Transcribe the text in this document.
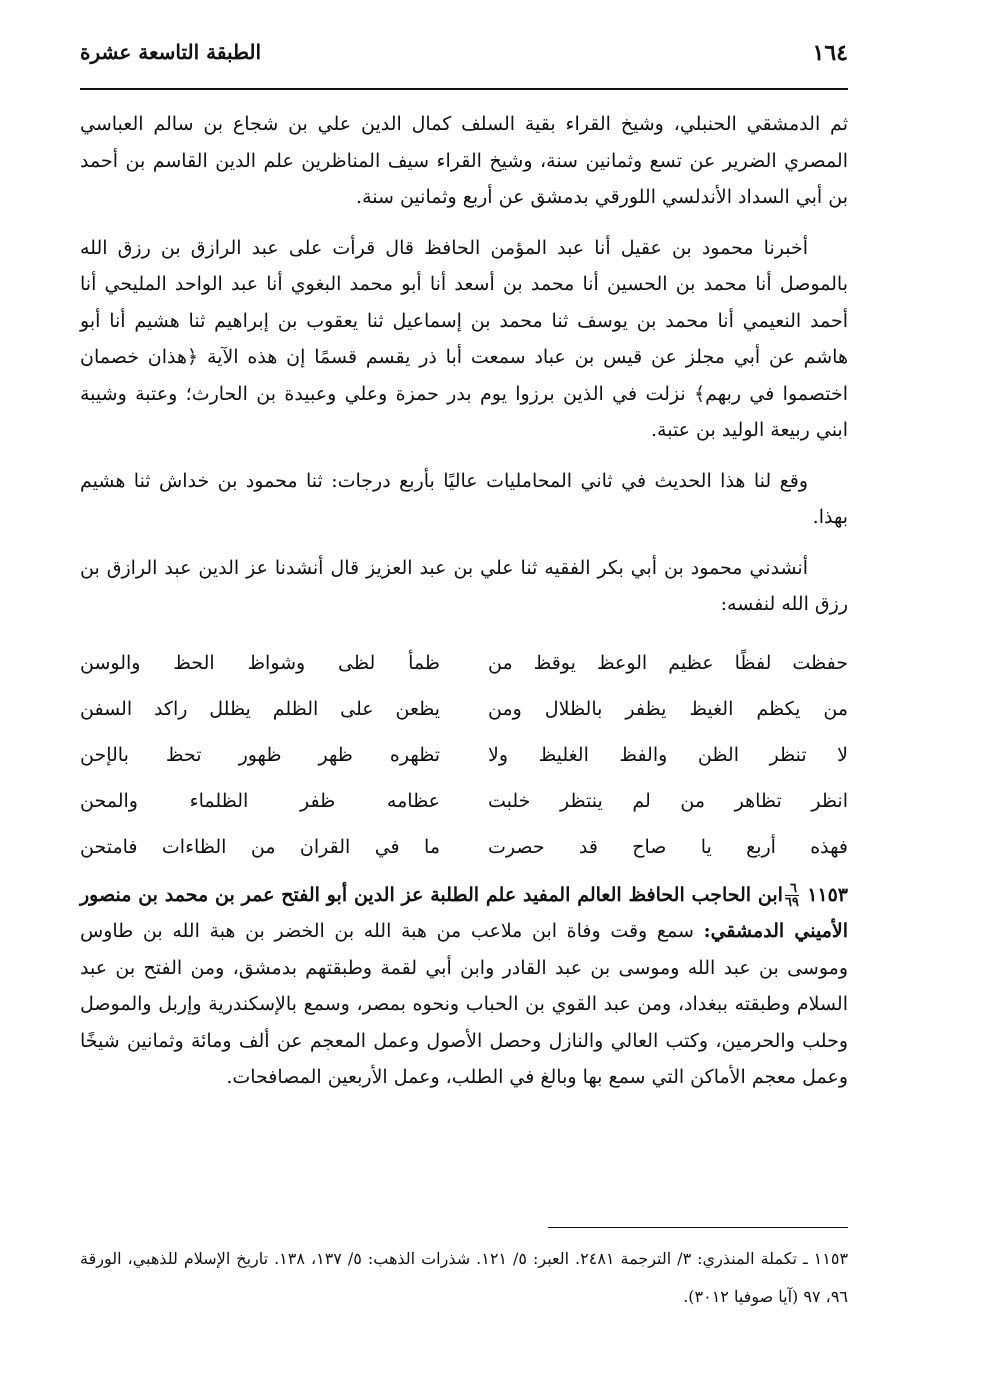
١٦٤
الطبقة التاسعة عشرة

ثم الدمشقي الحنبلي، وشيخ القراء بقية السلف كمال الدين علي بن شجاع بن سالم العباسي المصري الضرير عن تسع وثمانين سنة، وشيخ القراء سيف المناظرين علم الدين القاسم بن أحمد بن أبي السداد الأندلسي اللورقي بدمشق عن أربع وثمانين سنة.

أخبرنا محمود بن عقيل أنا عبد المؤمن الحافظ قال قرأت على عبد الرازق بن رزق الله بالموصل أنا محمد بن الحسين أنا محمد بن أسعد أنا أبو محمد البغوي أنا عبد الواحد المليحي أنا أحمد النعيمي أنا محمد بن يوسف ثنا محمد بن إسماعيل ثنا يعقوب بن إبراهيم ثنا هشيم أنا أبو هاشم عن أبي مجلز عن قيس بن عباد سمعت أبا ذر يقسم قسمًا إن هذه الآية ﴿هذان خصمان اختصموا في ربهم﴾ نزلت في الذين برزوا يوم بدر حمزة وعلي وعبيدة بن الحارث؛ وعتبة وشيبة ابني ربيعة الوليد بن عتبة.

وقع لنا هذا الحديث في ثاني المحامليات عاليًا بأربع درجات: ثنا محمود بن خداش ثنا هشيم بهذا.

أنشدني محمود بن أبي بكر الفقيه ثنا علي بن عبد العزيز قال أنشدنا عز الدين عبد الرازق بن رزق الله لنفسه:

حفظت لفظًا عظيم الوعظ يوقظ من
ظمأ لظى وشواظ الحظ والوسن
من يكظم الغيظ يظفر بالظلال ومن
يظعن على الظلم يظلل راكد السفن
لا تنظر الظن والفظ الغليظ ولا
تظهره ظهر ظهور تحظ بالإحن
انظر تظاهر من لم ينتظر خلبت
عظامه ظفر الظلماء والمحن
فهذه أربع يا صاح قد حصرت
ما في القران من الظاءات فامتحن

١١٥٣
$\frac{٦}{٦٩}$
ابن الحاجب الحافظ العالم المفيد علم الطلبة عز الدين أبو الفتح عمر بن محمد بن منصور الأميني الدمشقي: سمع وقت وفاة ابن ملاعب من هبة الله بن الخضر بن هبة الله بن طاوس وموسى بن عبد الله وموسى بن عبد القادر وابن أبي لقمة وطبقتهم بدمشق، ومن الفتح بن عبد السلام وطبقته ببغداد، ومن عبد القوي بن الحباب ونحوه بمصر، وسمع بالإسكندرية وإربل والموصل وحلب والحرمين، وكتب العالي والنازل وحصل الأصول وعمل المعجم عن ألف ومائة وثمانين شيخًا وعمل معجم الأماكن التي سمع بها وبالغ في الطلب، وعمل الأربعين المصافحات.

١١٥٣ ـ تكملة المنذري: ٣/ الترجمة ٢٤٨١. العبر: ٥/ ١٢١. شذرات الذهب: ٥/ ١٣٧، ١٣٨. تاريخ الإسلام للذهبي، الورقة ٩٦، ٩٧ (آيا صوفيا ٣٠١٢).
